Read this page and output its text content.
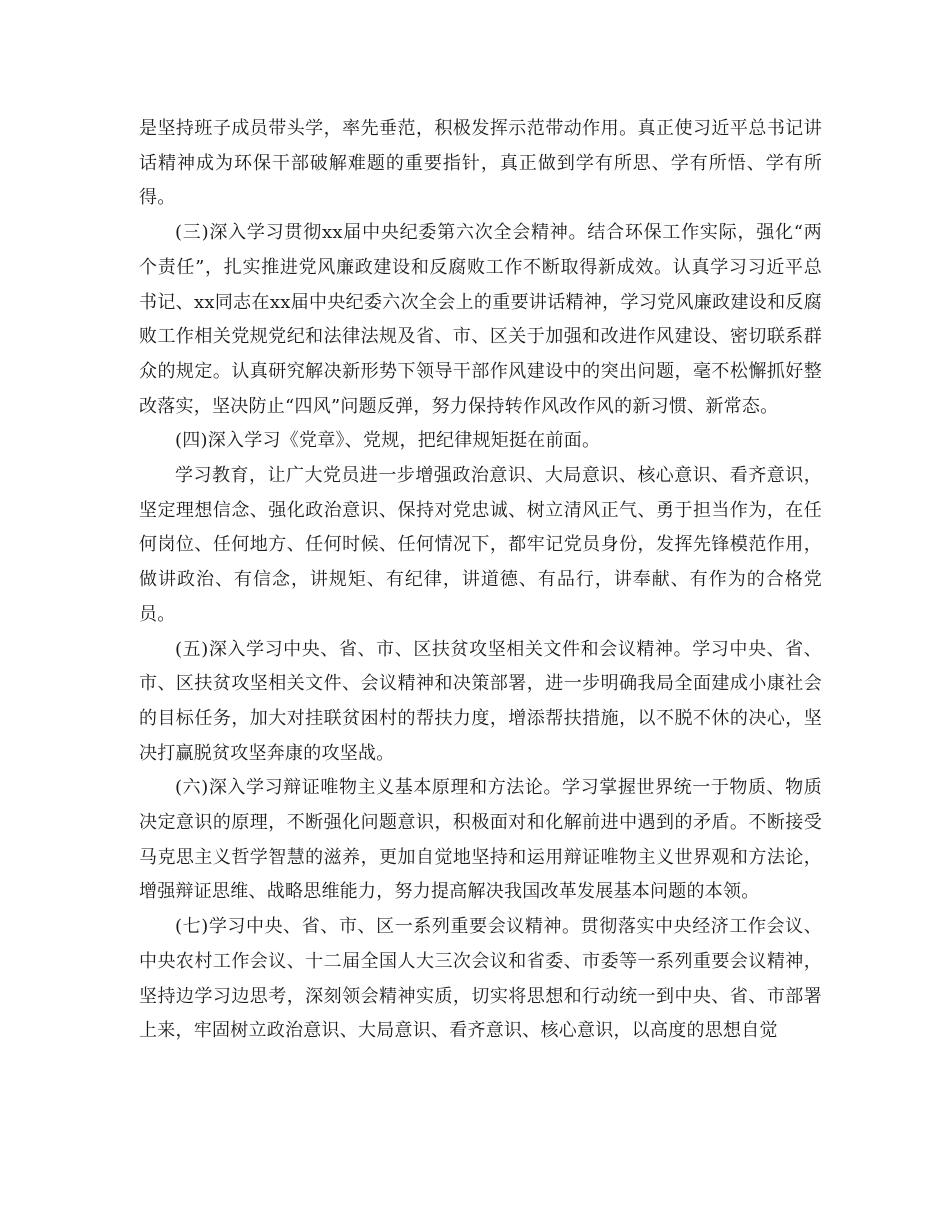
是坚持班子成员带头学，率先垂范，积极发挥示范带动作用。真正使习近平总书记讲话精神成为环保干部破解难题的重要指针，真正做到学有所思、学有所悟、学有所得。

(三)深入学习贯彻xx届中央纪委第六次全会精神。结合环保工作实际，强化“两个责任”，扎实推进党风廉政建设和反腐败工作不断取得新成效。认真学习习近平总书记、xx同志在xx届中央纪委六次全会上的重要讲话精神，学习党风廉政建设和反腐败工作相关党规党纪和法律法规及省、市、区关于加强和改进作风建设、密切联系群众的规定。认真研究解决新形势下领导干部作风建设中的突出问题，毫不松懈抓好整改落实，坚决防止“四风”问题反弹，努力保持转作风改作风的新习惯、新常态。

(四)深入学习《党章》、党规，把纪律规矩挺在前面。

学习教育，让广大党员进一步增强政治意识、大局意识、核心意识、看齐意识，坚定理想信念、强化政治意识、保持对党忠诚、树立清风正气、勇于担当作为，在任何岗位、任何地方、任何时候、任何情况下，都牢记党员身份，发挥先锋模范作用，做讲政治、有信念，讲规矩、有纪律，讲道德、有品行，讲奉献、有作为的合格党员。

(五)深入学习中央、省、市、区扶贫攻坚相关文件和会议精神。学习中央、省、市、区扶贫攻坚相关文件、会议精神和决策部署，进一步明确我局全面建成小康社会的目标任务，加大对挂联贫困村的帮扶力度，增添帮扶措施，以不脱不休的决心，坚决打赢脱贫攻坚奔康的攻坚战。

(六)深入学习辩证唯物主义基本原理和方法论。学习掌握世界统一于物质、物质决定意识的原理，不断强化问题意识，积极面对和化解前进中遇到的矛盾。不断接受马克思主义哲学智慧的滋养，更加自觉地坚持和运用辩证唯物主义世界观和方法论，增强辩证思维、战略思维能力，努力提高解决我国改革发展基本问题的本领。

(七)学习中央、省、市、区一系列重要会议精神。贯彻落实中央经济工作会议、中央农村工作会议、十二届全国人大三次会议和省委、市委等一系列重要会议精神，坚持边学习边思考，深刻领会精神实质，切实将思想和行动统一到中央、省、市部署上来，牢固树立政治意识、大局意识、看齐意识、核心意识，以高度的思想自觉
